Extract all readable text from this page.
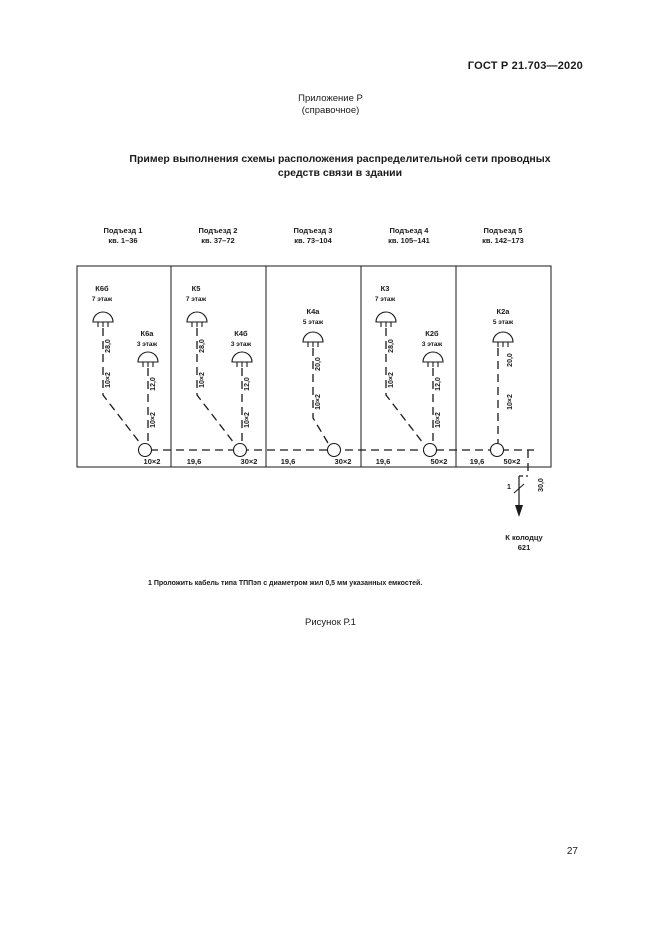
ГОСТ Р 21.703—2020
Приложение Р
(справочное)
Пример выполнения схемы расположения распределительной сети проводных
средств связи в здании
Подъезд 1
кв. 1–36
Подъезд 2
кв. 37–72
Подъезд 3
кв. 73–104
Подъезд 4
кв. 105–141
Подъезд 5
кв. 142–173
К6б
7 этаж
К6а
3 этаж
К5
7 этаж
К4б
3 этаж
К4а
5 этаж
К3
7 этаж
К2б
3 этаж
К2а
5 этаж
28,0
10×2	12,0
10×2
28,0
10×2	12,0
10×2
20,0
10×2
28,0
10×2	12,0
10×2
20,0
10×2
30,0
10×2	19,6	30×2	19,6	30×2	19,6	50×2	19,6	50×2
1
К колодцу
621
1 Проложить кабель типа ТППэп с диаметром жил 0,5 мм указанных емкостей.
Рисунок Р.1
27
